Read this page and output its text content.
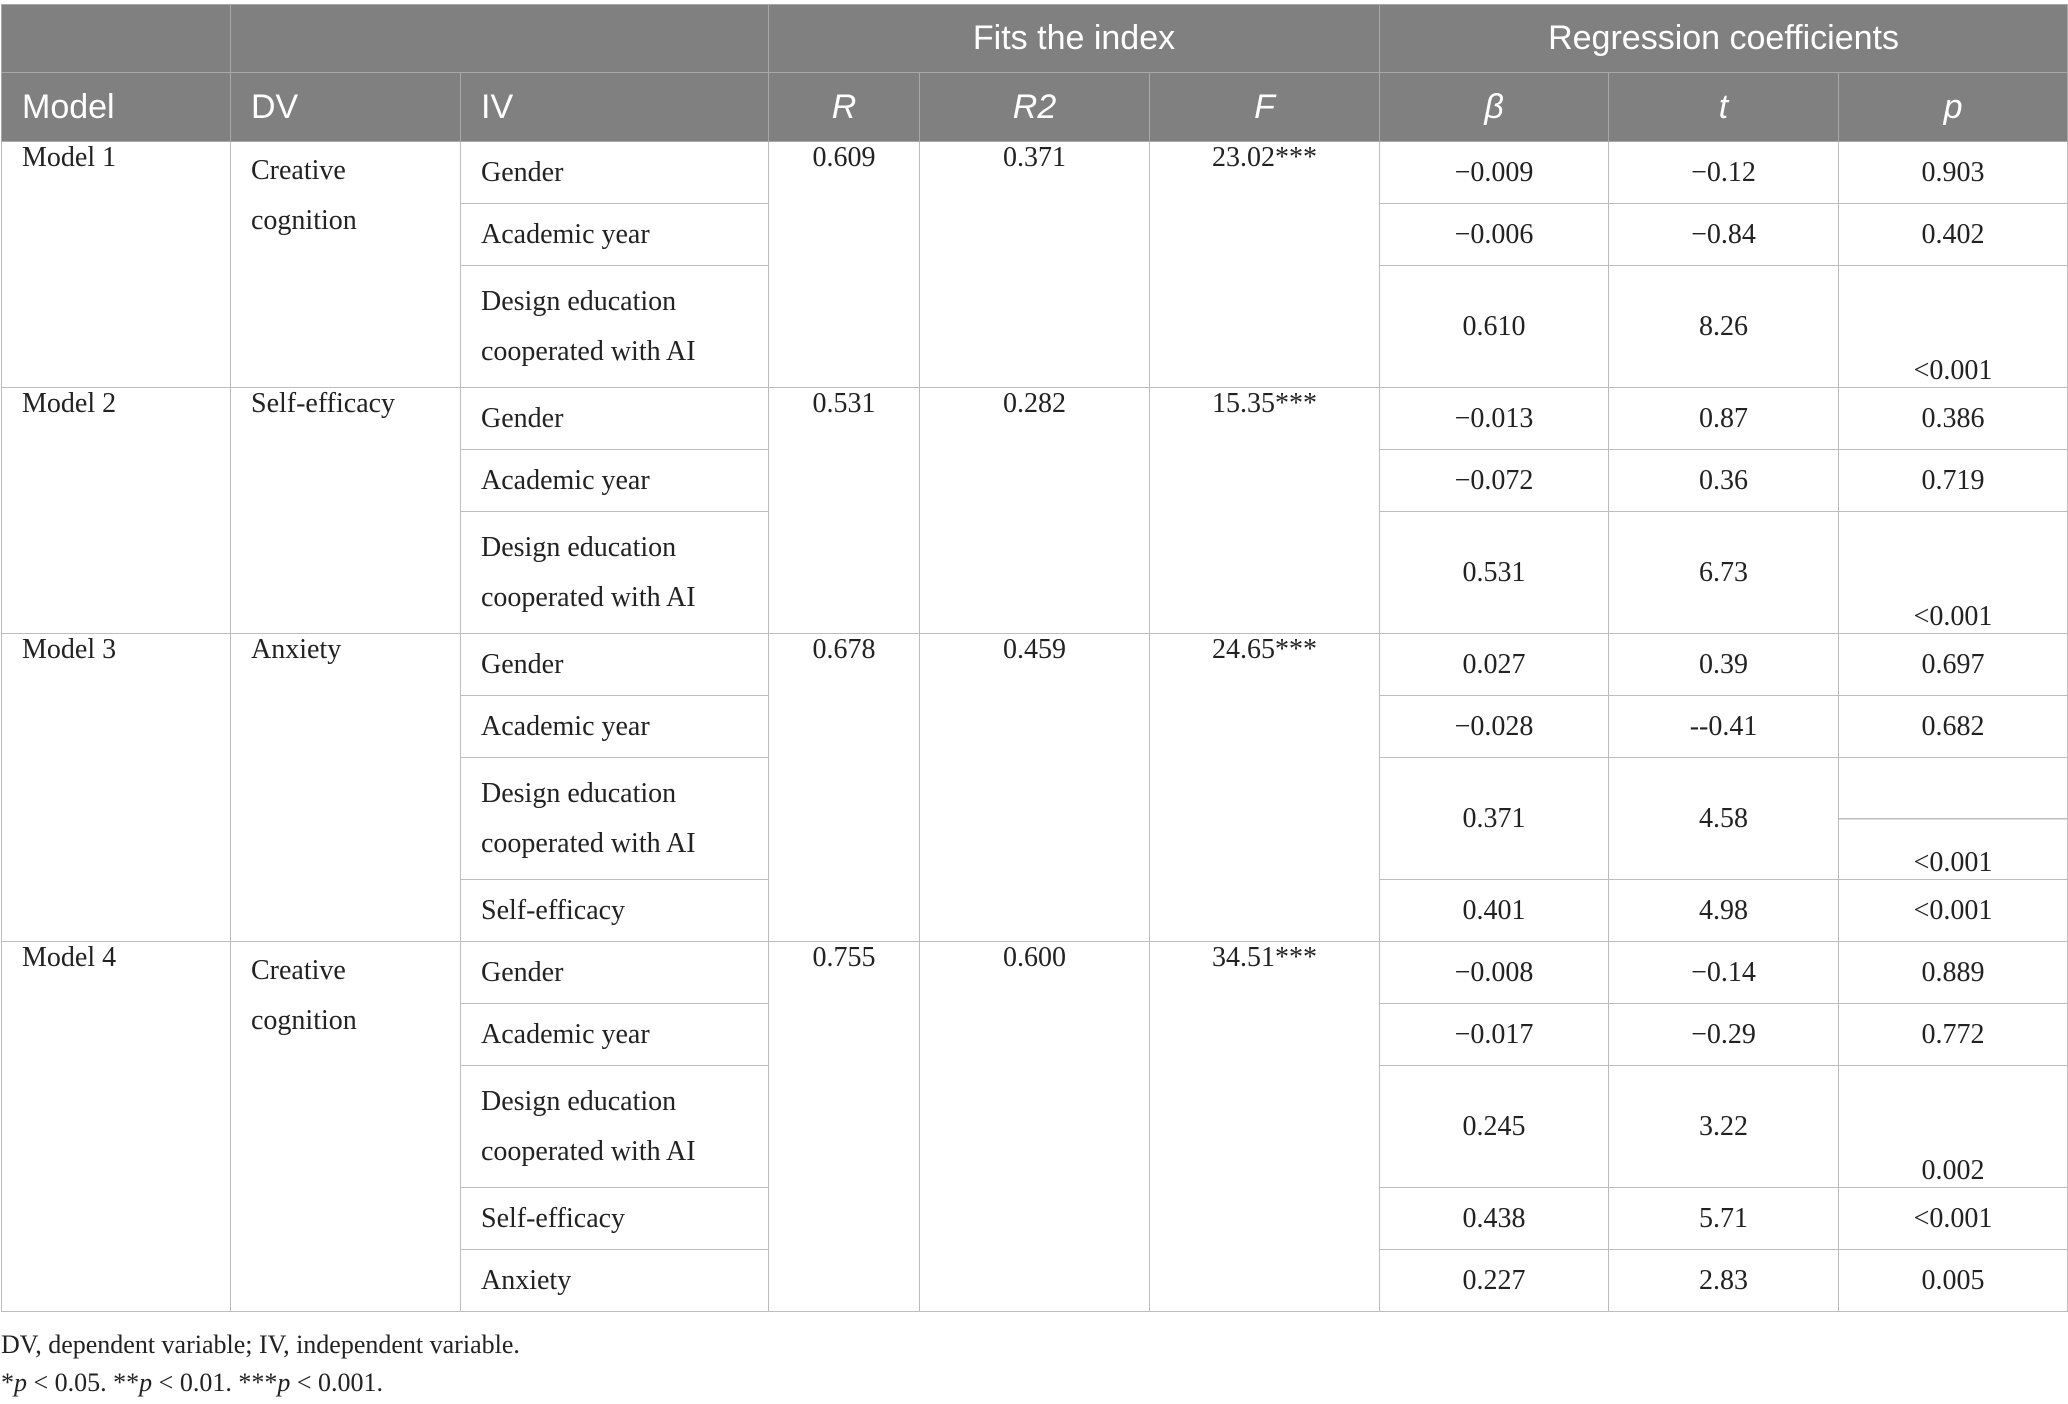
			Fits the index			Regression coefficients		
Model	DV	IV	R	R2	F	β	t	p
Model 1	Creative cognition	Gender	0.609	0.371	23.02***	−0.009	−0.12	0.903
		Academic year				−0.006	−0.84	0.402
		Design education cooperated with AI				0.610	8.26	<0.001
Model 2	Self-efficacy	Gender	0.531	0.282	15.35***	−0.013	0.87	0.386
		Academic year				−0.072	0.36	0.719
		Design education cooperated with AI				0.531	6.73	<0.001
Model 3	Anxiety	Gender	0.678	0.459	24.65***	0.027	0.39	0.697
		Academic year				−0.028	--0.41	0.682
		Design education cooperated with AI				0.371	4.58	<0.001
		Self-efficacy				0.401	4.98	<0.001
Model 4	Creative cognition	Gender	0.755	0.600	34.51***	−0.008	−0.14	0.889
		Academic year				−0.017	−0.29	0.772
		Design education cooperated with AI				0.245	3.22	0.002
		Self-efficacy				0.438	5.71	<0.001
		Anxiety				0.227	2.83	0.005
DV, dependent variable; IV, independent variable.
*p < 0.05. **p < 0.01. ***p < 0.001.
